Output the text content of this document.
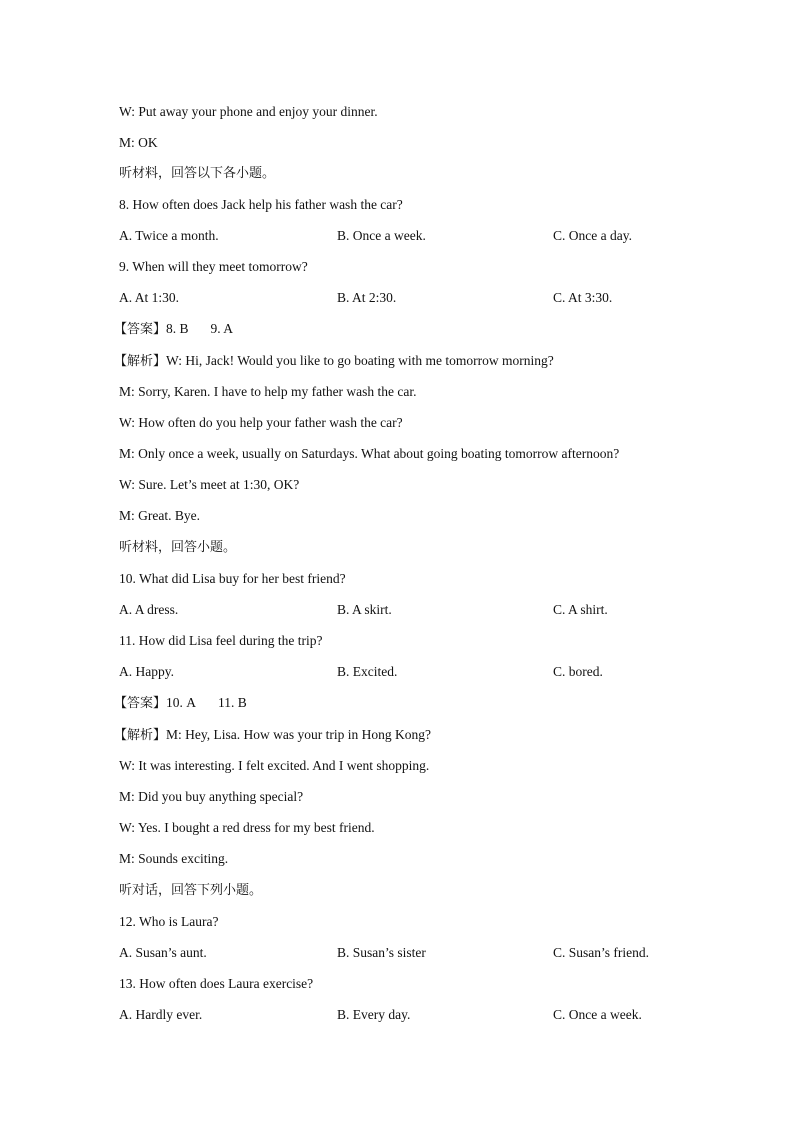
W: Put away your phone and enjoy your dinner.
M: OK
听材料，回答以下各小题。
8. How often does Jack help his father wash the car?
A. Twice a month.	B. Once a week.	C. Once a day.
9. When will they meet tomorrow?
A. At 1:30.	B. At 2:30.	C. At 3:30.
【答案】8. B 9. A
【解析】W: Hi, Jack! Would you like to go boating with me tomorrow morning?
M: Sorry, Karen. I have to help my father wash the car.
W: How often do you help your father wash the car?
M: Only once a week, usually on Saturdays. What about going boating tomorrow afternoon?
W: Sure. Let’s meet at 1:30, OK?
M: Great. Bye.
听材料，回答小题。
10. What did Lisa buy for her best friend?
A. A dress.	B. A skirt.	C. A shirt.
11. How did Lisa feel during the trip?
A. Happy.	B. Excited.	C. bored.
【答案】10. A 11. B
【解析】M: Hey, Lisa. How was your trip in Hong Kong?
W: It was interesting. I felt excited. And I went shopping.
M: Did you buy anything special?
W: Yes. I bought a red dress for my best friend.
M: Sounds exciting.
听对话，回答下列小题。
12. Who is Laura?
A. Susan’s aunt.	B. Susan’s sister	C. Susan’s friend.
13. How often does Laura exercise?
A. Hardly ever.	B. Every day.	C. Once a week.
